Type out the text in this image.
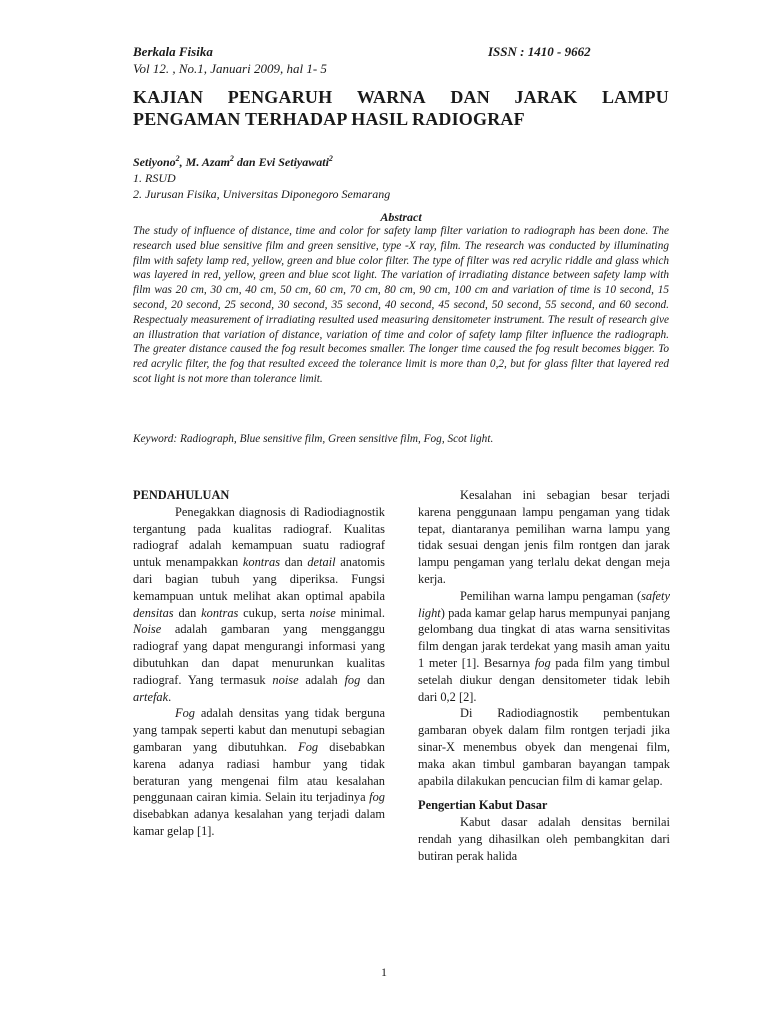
Berkala Fisika	ISSN : 1410 - 9662
Vol 12. , No.1, Januari 2009, hal 1- 5
KAJIAN PENGARUH WARNA DAN JARAK LAMPU
PENGAMAN TERHADAP HASIL RADIOGRAF
Setiyono$^2$, M. Azam$^2$ dan Evi Setiyawati$^2$
1. RSUD
2. Jurusan Fisika, Universitas Diponegoro Semarang
Abstract
The study of influence of distance, time and color for safety lamp filter variation to radiograph has been done. The research used blue sensitive film and green sensitive, type -X ray, film. The research was conducted by illuminating film with safety lamp red, yellow, green and blue color filter. The type of filter was red acrylic riddle and glass which was layered in red, yellow, green and blue scot light. The variation of irradiating distance between safety lamp with film was 20 cm, 30 cm, 40 cm, 50 cm, 60 cm, 70 cm, 80 cm, 90 cm, 100 cm and variation of time is 10 second, 15 second, 20 second, 25 second, 30 second, 35 second, 40 second, 45 second, 50 second, 55 second, and 60 second. Respectualy measurement of irradiating resulted used measuring densitometer instrument. The result of research give an illustration that variation of distance, variation of time and color of safety lamp filter influence the radiograph. The greater distance caused the fog result becomes smaller. The longer time caused the fog result becomes bigger. To red acrylic filter, the fog that resulted exceed the tolerance limit is more than 0,2, but for glass filter that layered red scot light is not more than tolerance limit.
Keyword: Radiograph, Blue sensitive film, Green sensitive film, Fog, Scot light.
PENDAHULUAN

Penegakkan diagnosis di Radiodiagnostik tergantung pada kualitas radiograf. Kualitas radiograf adalah kemampuan suatu radiograf untuk menampakkan kontras dan detail anatomis dari bagian tubuh yang diperiksa. Fungsi kemampuan untuk melihat akan optimal apabila densitas dan kontras cukup, serta noise minimal. Noise adalah gambaran yang mengganggu radiograf yang dapat mengurangi informasi yang dibutuhkan dan dapat menurunkan kualitas radiograf. Yang termasuk noise adalah fog dan artefak.

Fog adalah densitas yang tidak berguna yang tampak seperti kabut dan menutupi sebagian gambaran yang dibutuhkan. Fog disebabkan karena adanya radiasi hambur yang tidak beraturan yang mengenai film atau kesalahan penggunaan cairan kimia. Selain itu terjadinya fog disebabkan adanya kesalahan yang terjadi dalam kamar gelap [1].

Kesalahan ini sebagian besar terjadi karena penggunaan lampu pengaman yang tidak tepat, diantaranya pemilihan warna lampu yang tidak sesuai dengan jenis film rontgen dan jarak lampu pengaman yang terlalu dekat dengan meja kerja.

Pemilihan warna lampu pengaman (safety light) pada kamar gelap harus mempunyai panjang gelombang dua tingkat di atas warna sensitivitas film dengan jarak terdekat yang masih aman yaitu 1 meter [1]. Besarnya fog pada film yang timbul setelah diukur dengan densitometer tidak lebih dari 0,2 [2].

Di Radiodiagnostik pembentukan gambaran obyek dalam film rontgen terjadi jika sinar-X menembus obyek dan mengenai film, maka akan timbul gambaran bayangan tampak apabila dilakukan pencucian film di kamar gelap.

Pengertian Kabut Dasar

Kabut dasar adalah densitas bernilai rendah yang dihasilkan oleh pembangkitan dari butiran perak halida

1
